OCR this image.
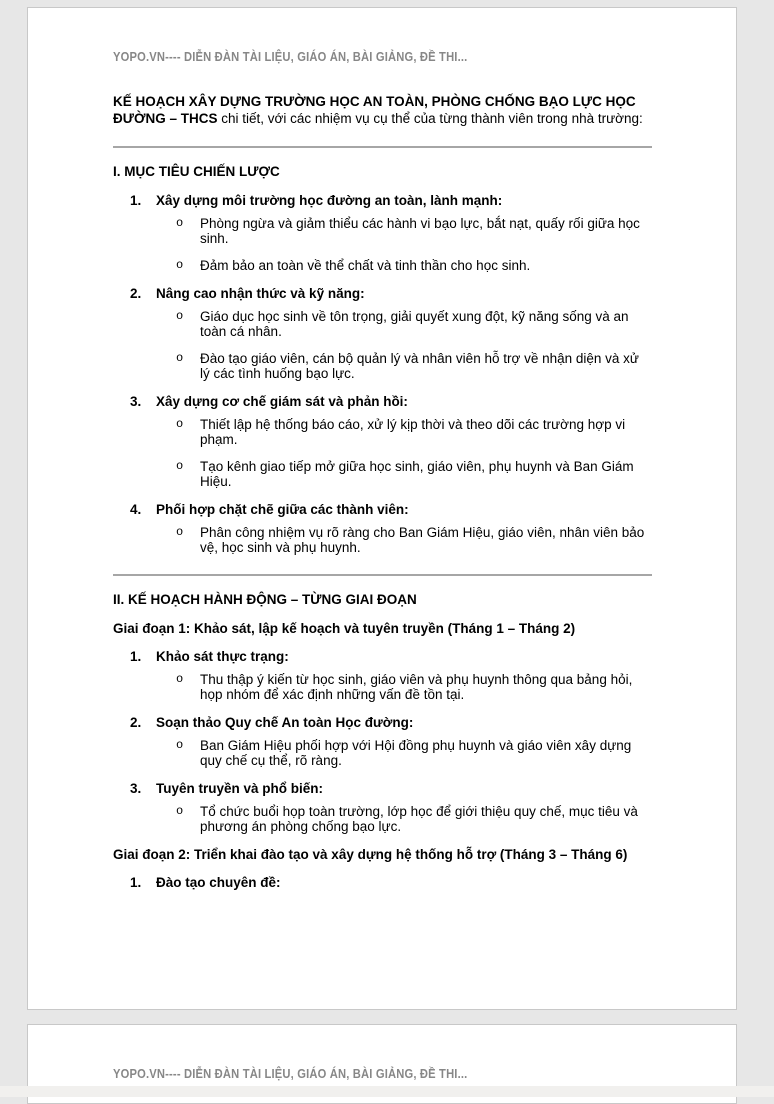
YOPO.VN---- DIỄN ĐÀN TÀI LIỆU, GIÁO ÁN, BÀI GIẢNG, ĐỀ THI...

KẾ HOẠCH XÂY DỰNG TRƯỜNG HỌC AN TOÀN, PHÒNG CHỐNG BẠO LỰC HỌC ĐƯỜNG – THCS chi tiết, với các nhiệm vụ cụ thể của từng thành viên trong nhà trường:

I. MỤC TIÊU CHIẾN LƯỢC
1.	Xây dựng môi trường học đường an toàn, lành mạnh:
o	Phòng ngừa và giảm thiểu các hành vi bạo lực, bắt nạt, quấy rối giữa học sinh.
o	Đảm bảo an toàn về thể chất và tinh thần cho học sinh.
2.	Nâng cao nhận thức và kỹ năng:
o	Giáo dục học sinh về tôn trọng, giải quyết xung đột, kỹ năng sống và an toàn cá nhân.
o	Đào tạo giáo viên, cán bộ quản lý và nhân viên hỗ trợ về nhận diện và xử lý các tình huống bạo lực.
3.	Xây dựng cơ chế giám sát và phản hồi:
o	Thiết lập hệ thống báo cáo, xử lý kịp thời và theo dõi các trường hợp vi phạm.
o	Tạo kênh giao tiếp mở giữa học sinh, giáo viên, phụ huynh và Ban Giám Hiệu.
4.	Phối hợp chặt chẽ giữa các thành viên:
o	Phân công nhiệm vụ rõ ràng cho Ban Giám Hiệu, giáo viên, nhân viên bảo vệ, học sinh và phụ huynh.
II. KẾ HOẠCH HÀNH ĐỘNG – TỪNG GIAI ĐOẠN
Giai đoạn 1: Khảo sát, lập kế hoạch và tuyên truyền (Tháng 1 – Tháng 2)
1.	Khảo sát thực trạng:
o	Thu thập ý kiến từ học sinh, giáo viên và phụ huynh thông qua bảng hỏi, họp nhóm để xác định những vấn đề tồn tại.
2.	Soạn thảo Quy chế An toàn Học đường:
o	Ban Giám Hiệu phối hợp với Hội đồng phụ huynh và giáo viên xây dựng quy chế cụ thể, rõ ràng.
3.	Tuyên truyền và phổ biến:
o	Tổ chức buổi họp toàn trường, lớp học để giới thiệu quy chế, mục tiêu và phương án phòng chống bạo lực.
Giai đoạn 2: Triển khai đào tạo và xây dựng hệ thống hỗ trợ (Tháng 3 – Tháng 6)
1.	Đào tạo chuyên đề:
YOPO.VN---- DIỄN ĐÀN TÀI LIỆU, GIÁO ÁN, BÀI GIẢNG, ĐỀ THI...
